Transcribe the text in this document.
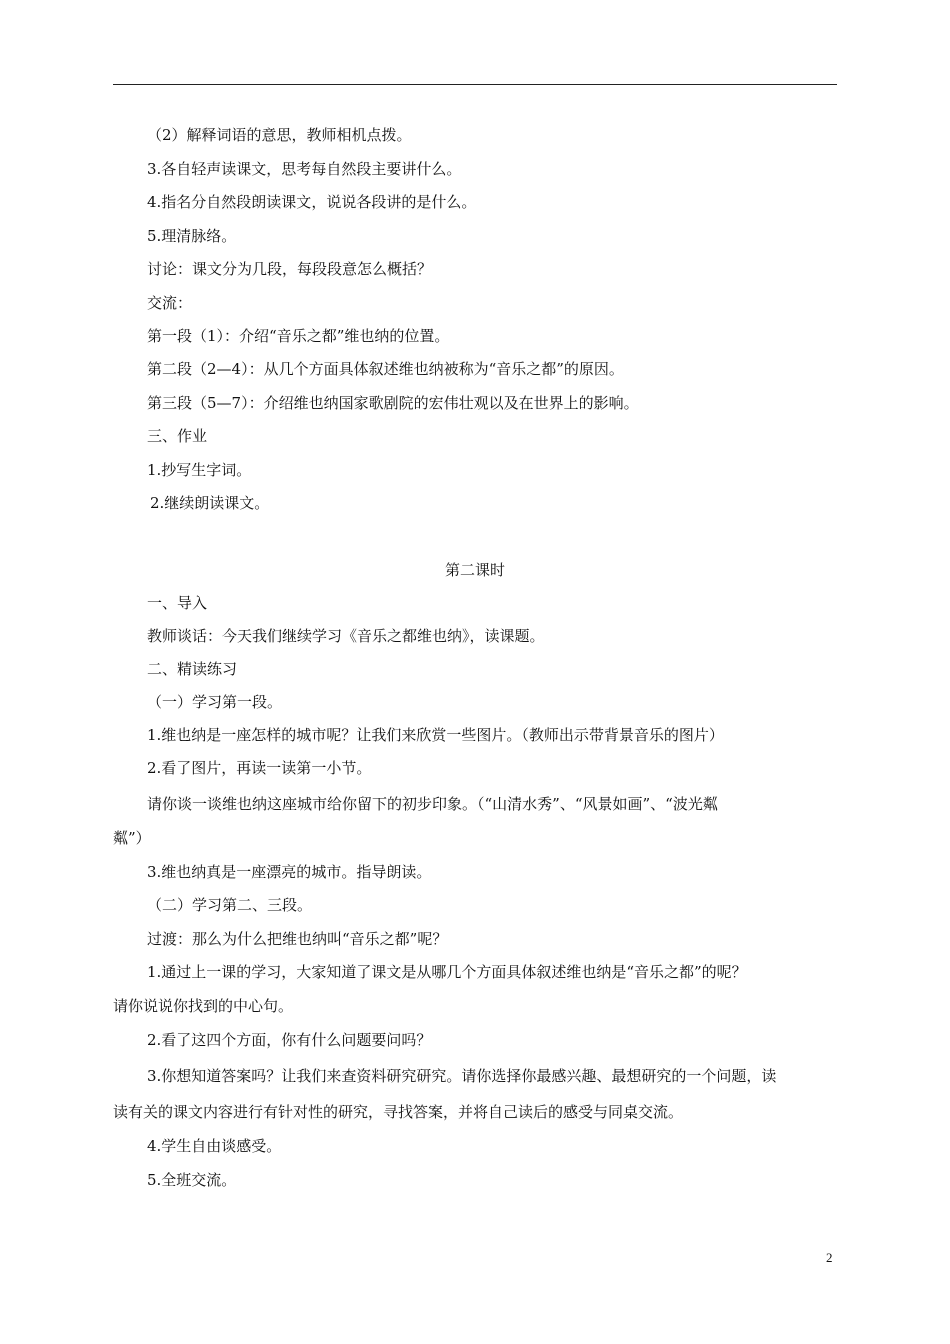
（2）解释词语的意思，教师相机点拨。
3.各自轻声读课文，思考每自然段主要讲什么。
4.指名分自然段朗读课文，说说各段讲的是什么。
5.理清脉络。
讨论：课文分为几段，每段段意怎么概括？
交流：
第一段（1）：介绍“音乐之都”维也纳的位置。
第二段（2—4）：从几个方面具体叙述维也纳被称为“音乐之都”的原因。
第三段（5—7）：介绍维也纳国家歌剧院的宏伟壮观以及在世界上的影响。
三、作业
1.抄写生字词。
2.继续朗读课文。
第二课时
一、导入
教师谈话：今天我们继续学习《音乐之都维也纳》，读课题。
二、精读练习
（一）学习第一段。
1.维也纳是一座怎样的城市呢？让我们来欣赏一些图片。（教师出示带背景音乐的图片）
2.看了图片，再读一读第一小节。
请你谈一谈维也纳这座城市给你留下的初步印象。（“山清水秀”、“风景如画”、“波光粼
粼”）
3.维也纳真是一座漂亮的城市。指导朗读。
（二）学习第二、三段。
过渡：那么为什么把维也纳叫“音乐之都”呢？
1.通过上一课的学习，大家知道了课文是从哪几个方面具体叙述维也纳是“音乐之都”的呢？
请你说说你找到的中心句。
2.看了这四个方面，你有什么问题要问吗？
3.你想知道答案吗？让我们来查资料研究研究。请你选择你最感兴趣、最想研究的一个问题，读
读有关的课文内容进行有针对性的研究，寻找答案，并将自己读后的感受与同桌交流。
4.学生自由谈感受。
5.全班交流。
2
